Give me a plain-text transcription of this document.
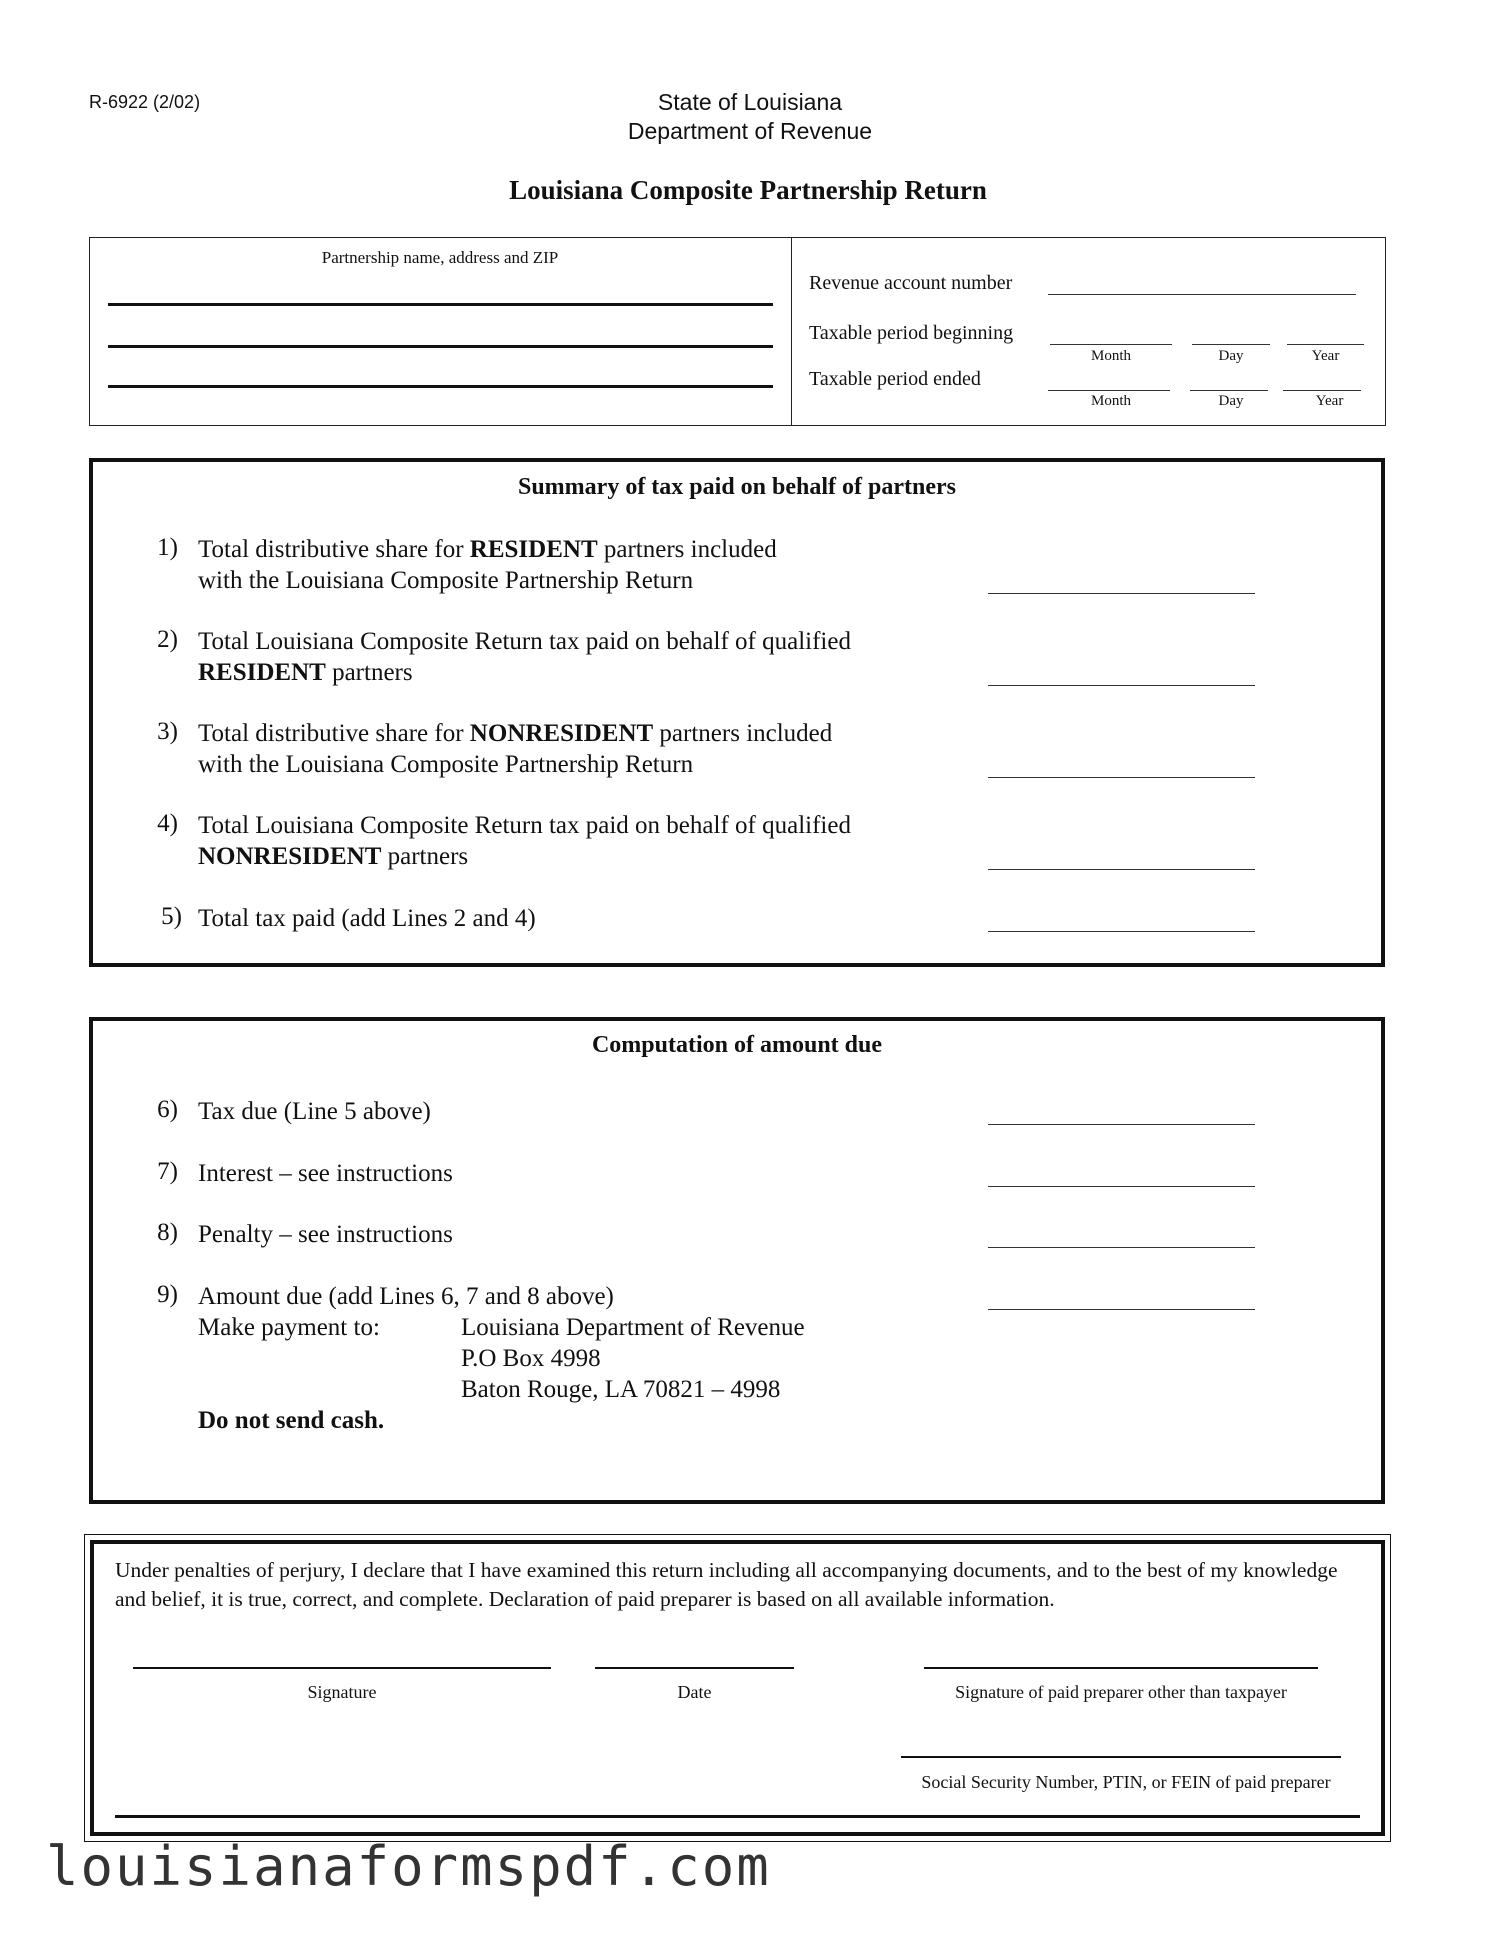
R-6922 (2/02)	State of Louisiana
Department of Revenue
Louisiana Composite Partnership Return
Partnership name, address and ZIP
Revenue account number
Taxable period beginning
Month	Day	Year
Taxable period ended
Month	Day	Year
Summary of tax paid on behalf of partners
1) Total distributive share for RESIDENT partners included
with the Louisiana Composite Partnership Return
2) Total Louisiana Composite Return tax paid on behalf of qualified
RESIDENT partners
3) Total distributive share for NONRESIDENT partners included
with the Louisiana Composite Partnership Return
4) Total Louisiana Composite Return tax paid on behalf of qualified
NONRESIDENT partners
5) Total tax paid (add Lines 2 and 4)
Computation of amount due
6) Tax due (Line 5 above)
7) Interest – see instructions
8) Penalty – see instructions
9) Amount due (add Lines 6, 7 and 8 above)
Make payment to:	Louisiana Department of Revenue
P.O Box 4998
Baton Rouge, LA 70821 – 4998
Do not send cash.
Under penalties of perjury, I declare that I have examined this return including all accompanying documents, and to the best of my knowledge and belief, it is true, correct, and complete. Declaration of paid preparer is based on all available information.
Signature	Date	Signature of paid preparer other than taxpayer
Social Security Number, PTIN, or FEIN of paid preparer
louisianaformspdf.com
